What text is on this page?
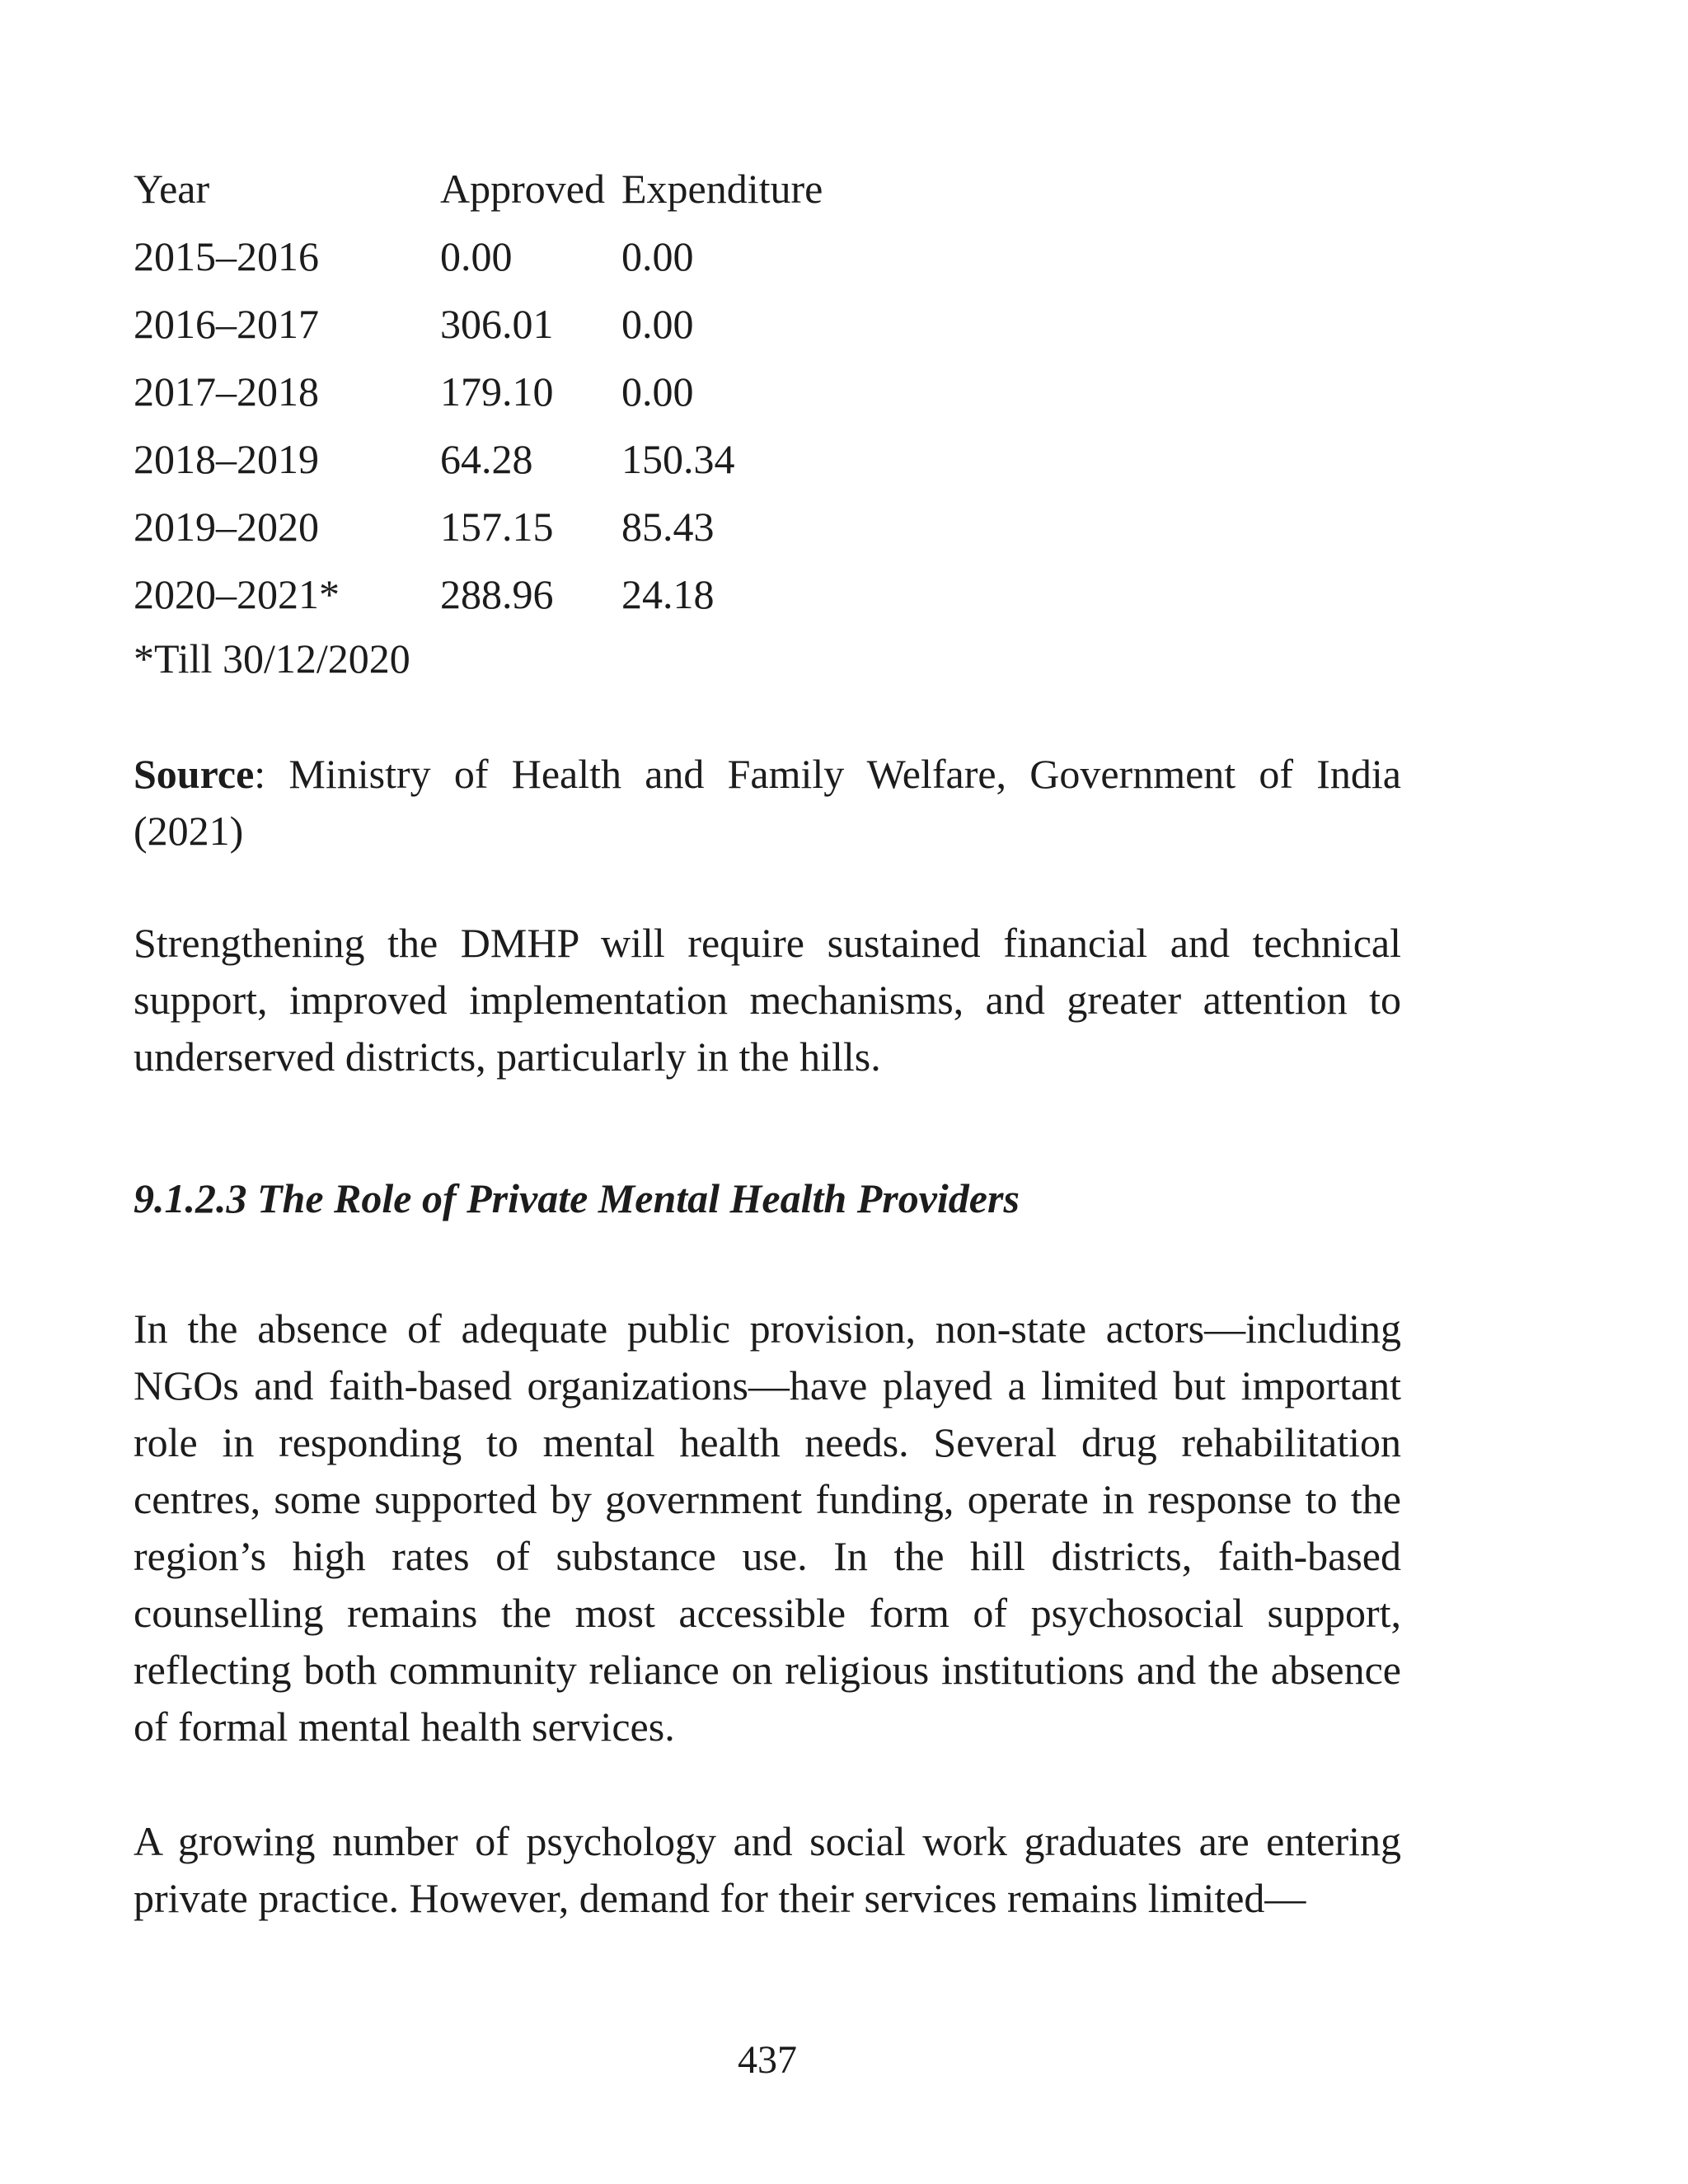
Year	Approved	Expenditure
2015–2016	0.00	0.00
2016–2017	306.01	0.00
2017–2018	179.10	0.00
2018–2019	64.28	150.34
2019–2020	157.15	85.43
2020–2021*	288.96	24.18
*Till 30/12/2020

Source: Ministry of Health and Family Welfare, Government of India (2021)

Strengthening the DMHP will require sustained financial and technical support, improved implementation mechanisms, and greater attention to underserved districts, particularly in the hills.

9.1.2.3 The Role of Private Mental Health Providers

In the absence of adequate public provision, non-state actors—including NGOs and faith-based organizations—have played a limited but important role in responding to mental health needs. Several drug rehabilitation centres, some supported by government funding, operate in response to the region’s high rates of substance use. In the hill districts, faith-based counselling remains the most accessible form of psychosocial support, reflecting both community reliance on religious institutions and the absence of formal mental health services.

A growing number of psychology and social work graduates are entering private practice. However, demand for their services remains limited—

437
